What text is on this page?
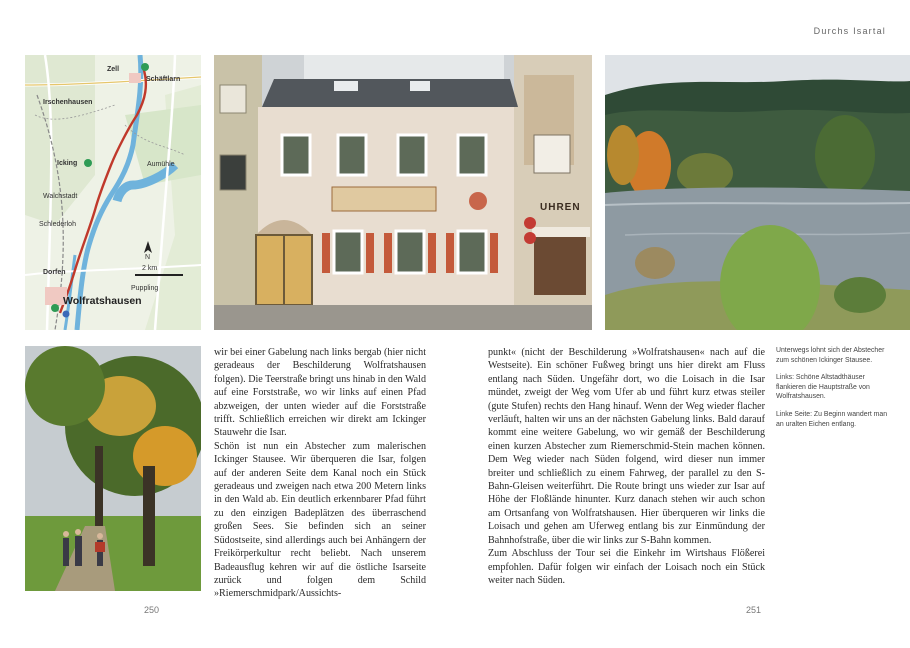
Durchs Isartal
Zell
Schäftlarn
Irschenhausen
Icking	Aumühle
Walchstadt
Schlederloh
Dorfen
Puppling
Wolfratshausen
N
2 km
UHREN

wir bei einer Gabelung nach links bergab (hier nicht geradeaus der Beschilderung Wolfratshausen folgen). Die Teerstraße bringt uns hinab in den Wald auf eine Forststraße, wo wir links auf einen Pfad abzweigen, der unten wieder auf die Forststraße trifft. Schließlich erreichen wir direkt am Ickinger Stauwehr die Isar.

Schön ist nun ein Abstecher zum malerischen Ickinger Stausee. Wir überqueren die Isar, folgen auf der anderen Seite dem Kanal noch ein Stück geradeaus und zweigen nach etwa 200 Metern links in den Wald ab. Ein deutlich erkennbarer Pfad führt zu den einzigen Badeplätzen des überraschend großen Sees. Sie befinden sich an seiner Südostseite, sind allerdings auch bei Anhängern der Freikörperkultur recht beliebt. Nach unserem Badeausflug kehren wir auf die östliche Isarseite zurück und folgen dem Schild »Riemerschmidpark/Aussichts-

punkt« (nicht der Beschilderung »Wolfratshausen« nach auf die Westseite). Ein schöner Fußweg bringt uns hier direkt am Fluss entlang nach Süden. Ungefähr dort, wo die Loisach in die Isar mündet, zweigt der Weg vom Ufer ab und führt kurz etwas steiler (gute Stufen) rechts den Hang hinauf. Wenn der Weg wieder flacher verläuft, halten wir uns an der nächsten Gabelung links. Bald darauf kommt eine weitere Gabelung, wo wir gemäß der Beschilderung einen kurzen Abstecher zum Riemerschmid-Stein machen können. Dem Weg wieder nach Süden folgend, wird dieser nun immer breiter und schließlich zu einem Fahrweg, der parallel zu den S-Bahn-Gleisen weiterführt. Die Route bringt uns wieder zur Isar auf Höhe der Floßlände hinunter. Kurz danach stehen wir auch schon am Ortsanfang von Wolfratshausen. Hier überqueren wir links die Loisach und gehen am Uferweg entlang bis zur Einmündung der Bahnhofstraße, über die wir links zur S-Bahn kommen.

Zum Abschluss der Tour sei die Einkehr im Wirtshaus Flößerei empfohlen. Dafür folgen wir einfach der Loisach noch ein Stück weiter nach Süden.

Unterwegs lohnt sich der Abstecher zum schönen Ickinger Stausee.

Links: Schöne Altstadthäuser flankieren die Hauptstraße von Wolfratshausen.

Linke Seite: Zu Beginn wandert man an uralten Eichen entlang.

250	251
